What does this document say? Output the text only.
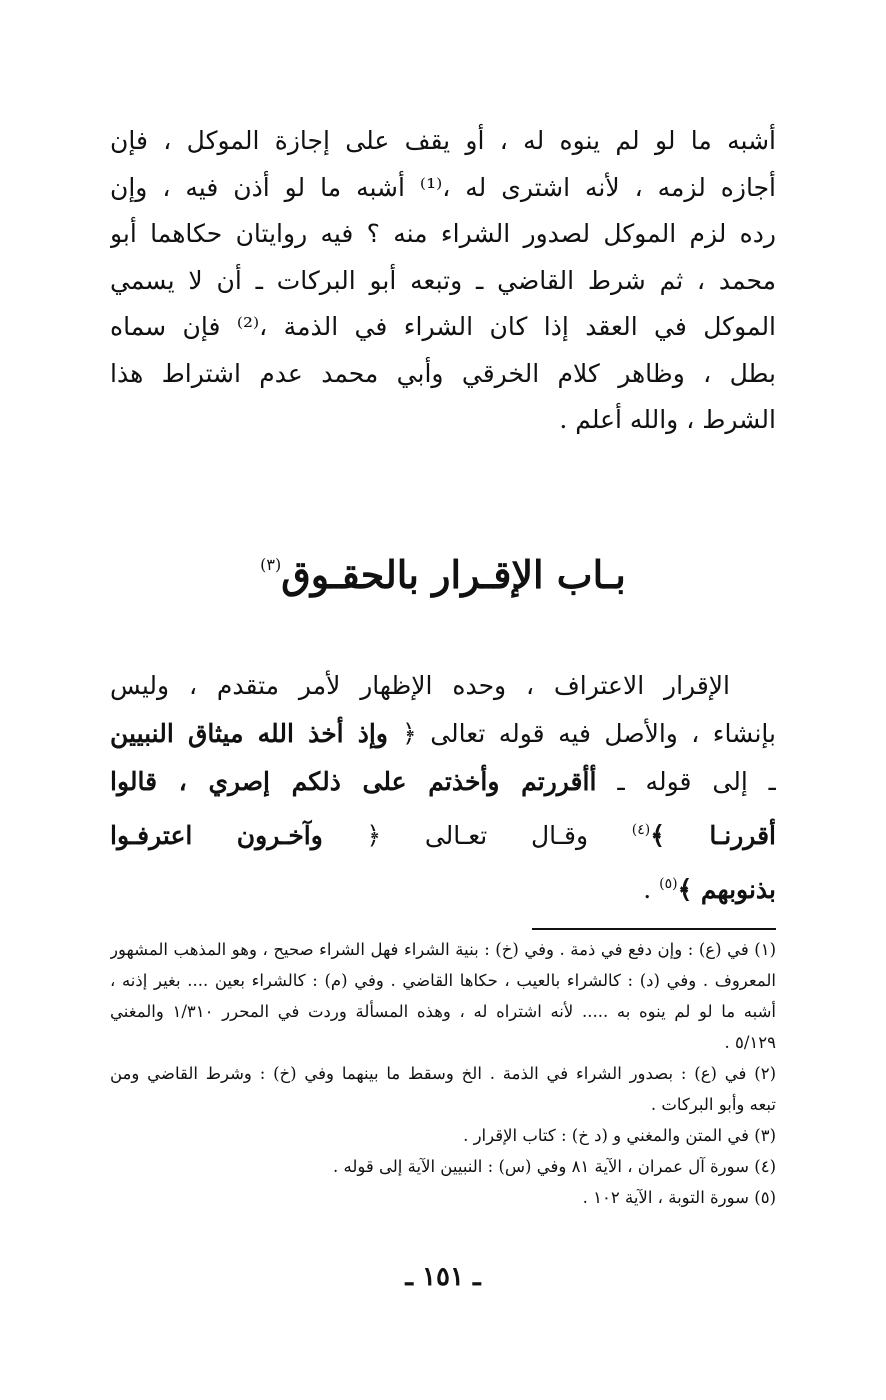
أشبه ما لو لم ينوه له ، أو يقف على إجازة الموكل ، فإن
أجازه لزمه ، لأنه اشترى له ،⁽¹⁾ أشبه ما لو أذن فيه ، وإن
رده لزم الموكل لصدور الشراء منه ؟ فيه روايتان حكاهما أبو
محمد ، ثم شرط القاضي ـ وتبعه أبو البركات ـ أن لا يسمي
الموكل في العقد إذا كان الشراء في الذمة ،⁽²⁾ فإن سماه
بطل ، وظاهر كلام الخرقي وأبي محمد عدم اشتراط هذا
الشرط ، والله أعلم .

بـاب الإقـرار بالحقـوق$^{(٣)}$

الإقرار الاعتراف ، وحده الإظهار لأمر متقدم ، وليس
بإنشاء ، والأصل فيه قوله تعالى ﴿ وإذ أخذ الله ميثاق النبيين
ـ إلى قوله ـ أأقررتم وأخذتم على ذلكم إصري ، قالوا
أقررنـا ﴾$^{(٤)}$ وقـال تعـالى ﴿ وآخـرون اعترفـوا
بذنوبهم ﴾$^{(٥)}$ .

(١) في (ع) : وإن دفع في ذمة . وفي (خ) : بنية الشراء فهل الشراء صحيح ، وهو المذهب المشهور
المعروف . وفي (د) : كالشراء بالعيب ، حكاها القاضي . وفي (م) : كالشراء بعين .... بغير إذنه ،
أشبه ما لو لم ينوه به ..... لأنه اشتراه له ، وهذه المسألة وردت في المحرر ١/٣١٠ والمغني
٥/١٢٩ .
(٢) في (ع) : بصدور الشراء في الذمة . الخ وسقط ما بينهما وفي (خ) : وشرط القاضي ومن
تبعه وأبو البركات .
(٣) في المتن والمغني و (د خ) : كتاب الإقرار .
(٤) سورة آل عمران ، الآية ٨١ وفي (س) : النبيين الآية إلى قوله .
(٥) سورة التوبة ، الآية ١٠٢ .
ـ ١٥١ ـ
